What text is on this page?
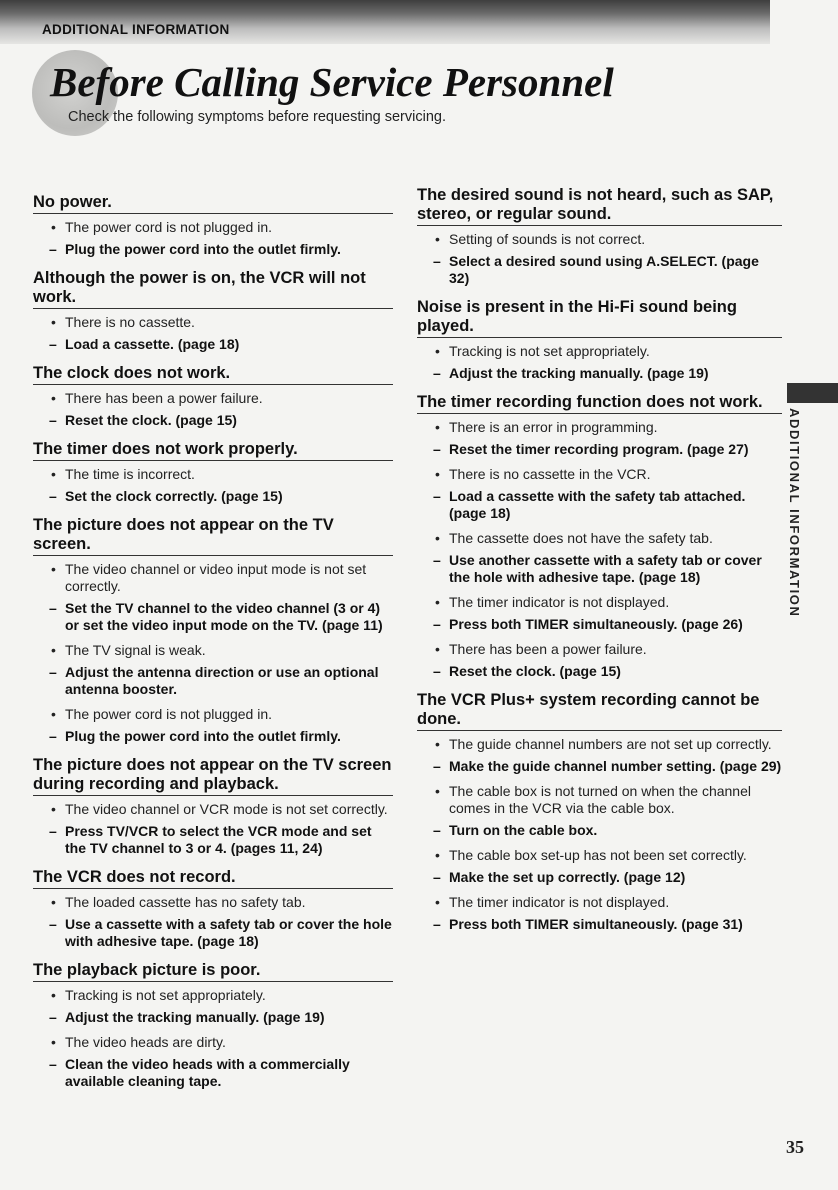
ADDITIONAL INFORMATION
Before Calling Service Personnel
Check the following symptoms before requesting servicing.
No power.
• The power cord is not plugged in.
– Plug the power cord into the outlet firmly.
Although the power is on, the VCR will not work.
• There is no cassette.
– Load a cassette. (page 18)
The clock does not work.
• There has been a power failure.
– Reset the clock. (page 15)
The timer does not work properly.
• The time is incorrect.
– Set the clock correctly. (page 15)
The picture does not appear on the TV screen.
• The video channel or video input mode is not set correctly.
– Set the TV channel to the video channel (3 or 4) or set the video input mode on the TV. (page 11)
• The TV signal is weak.
– Adjust the antenna direction or use an optional antenna booster.
• The power cord is not plugged in.
– Plug the power cord into the outlet firmly.
The picture does not appear on the TV screen during recording and playback.
• The video channel or VCR mode is not set correctly.
– Press TV/VCR to select the VCR mode and set the TV channel to 3 or 4. (pages 11, 24)
The VCR does not record.
• The loaded cassette has no safety tab.
– Use a cassette with a safety tab or cover the hole with adhesive tape. (page 18)
The playback picture is poor.
• Tracking is not set appropriately.
– Adjust the tracking manually. (page 19)
• The video heads are dirty.
– Clean the video heads with a commercially available cleaning tape.
The desired sound is not heard, such as SAP, stereo, or regular sound.
• Setting of sounds is not correct.
– Select a desired sound using A.SELECT. (page 32)
Noise is present in the Hi-Fi sound being played.
• Tracking is not set appropriately.
– Adjust the tracking manually. (page 19)
The timer recording function does not work.
• There is an error in programming.
– Reset the timer recording program. (page 27)
• There is no cassette in the VCR.
– Load a cassette with the safety tab attached. (page 18)
• The cassette does not have the safety tab.
– Use another cassette with a safety tab or cover the hole with adhesive tape. (page 18)
• The timer indicator is not displayed.
– Press both TIMER simultaneously. (page 26)
• There has been a power failure.
– Reset the clock. (page 15)
The VCR Plus+ system recording cannot be done.
• The guide channel numbers are not set up correctly.
– Make the guide channel number setting. (page 29)
• The cable box is not turned on when the channel comes in the VCR via the cable box.
– Turn on the cable box.
• The cable box set-up has not been set correctly.
– Make the set up correctly. (page 12)
• The timer indicator is not displayed.
– Press both TIMER simultaneously. (page 31)
ADDITIONAL INFORMATION
35
